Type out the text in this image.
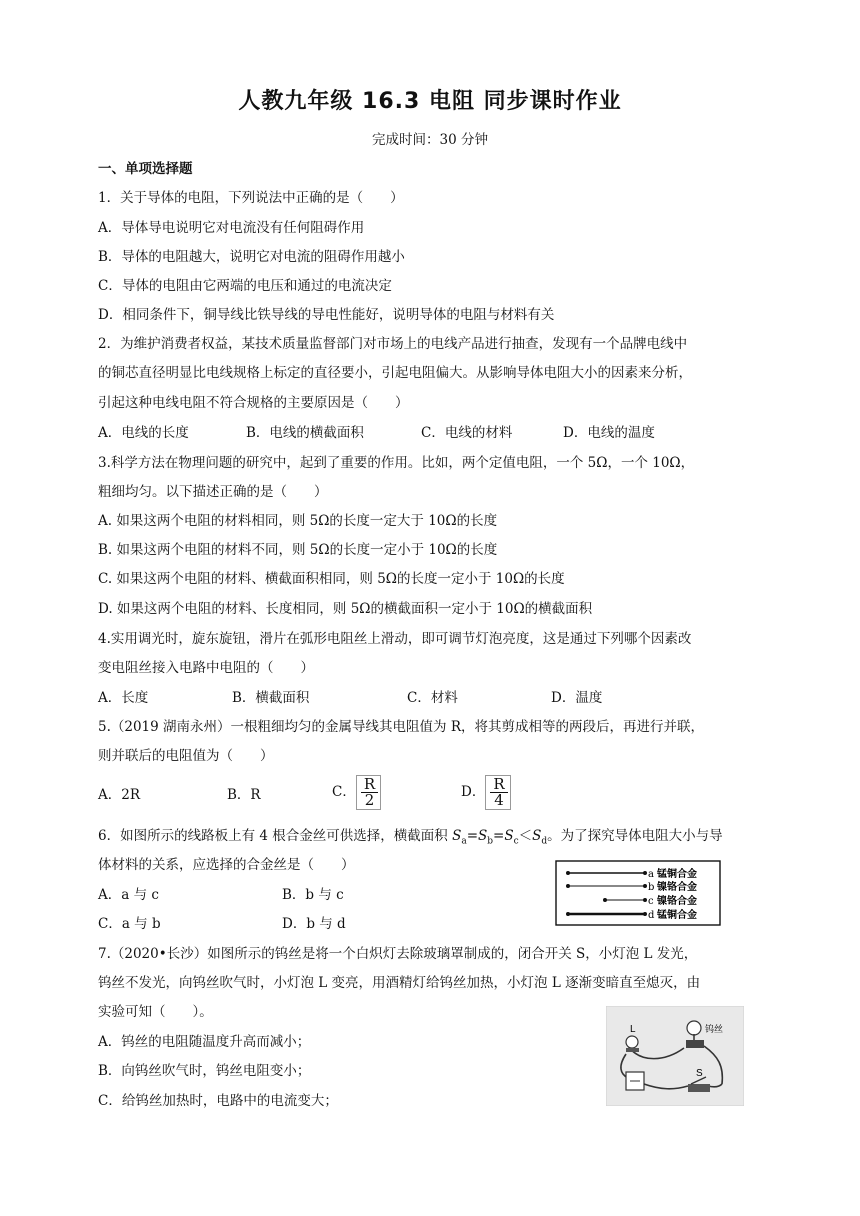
人教九年级 16.3 电阻 同步课时作业
完成时间：30 分钟
一、单项选择题
1．关于导体的电阻，下列说法中正确的是（　　）
A．导体导电说明它对电流没有任何阻碍作用
B．导体的电阻越大，说明它对电流的阻碍作用越小
C．导体的电阻由它两端的电压和通过的电流决定
D．相同条件下，铜导线比铁导线的导电性能好，说明导体的电阻与材料有关
2．为维护消费者权益，某技术质量监督部门对市场上的电线产品进行抽查，发现有一个品牌电线中
的铜芯直径明显比电线规格上标定的直径要小，引起电阻偏大。从影响导体电阻大小的因素来分析，
引起这种电线电阻不符合规格的主要原因是（　　）
A．电线的长度	B．电线的横截面积	C．电线的材料	D．电线的温度
3.科学方法在物理问题的研究中，起到了重要的作用。比如，两个定值电阻，一个 5Ω，一个 10Ω，
粗细均匀。以下描述正确的是（　　）
A. 如果这两个电阻的材料相同，则 5Ω的长度一定大于 10Ω的长度
B. 如果这两个电阻的材料不同，则 5Ω的长度一定小于 10Ω的长度
C. 如果这两个电阻的材料、横截面积相同，则 5Ω的长度一定小于 10Ω的长度
D. 如果这两个电阻的材料、长度相同，则 5Ω的横截面积一定小于 10Ω的横截面积
4.实用调光时，旋东旋钮，滑片在弧形电阻丝上滑动，即可调节灯泡亮度，这是通过下列哪个因素改
变电阻丝接入电路中电阻的（　　）
A．长度	B．横截面积	C．材料	D．温度
5.（2019 湖南永州）一根粗细均匀的金属导线其电阻值为 R，将其剪成相等的两段后，再进行并联，
则并联后的电阻值为（　　）
A．2R	B．R	C． $\frac{R}{2}$	D． $\frac{R}{4}$
6．如图所示的线路板上有 4 根合金丝可供选择，横截面积 $S_a=S_b=S_c<S_d$。为了探究导体电阻大小与导
体材料的关系，应选择的合金丝是（　　）
A．a 与 c	B．b 与 c
C．a 与 b	D．b 与 d
a 锰铜合金
b 镍铬合金
c 镍铬合金
d 锰铜合金
7.（2020•长沙）如图所示的钨丝是将一个白炽灯去除玻璃罩制成的，闭合开关 S，小灯泡 L 发光，
钨丝不发光，向钨丝吹气时，小灯泡 L 变亮，用酒精灯给钨丝加热，小灯泡 L 逐渐变暗直至熄灭，由
实验可知（　　）。
A．钨丝的电阻随温度升高而减小；
B．向钨丝吹气时，钨丝电阻变小；
C．给钨丝加热时，电路中的电流变大；
L	钨丝
S
